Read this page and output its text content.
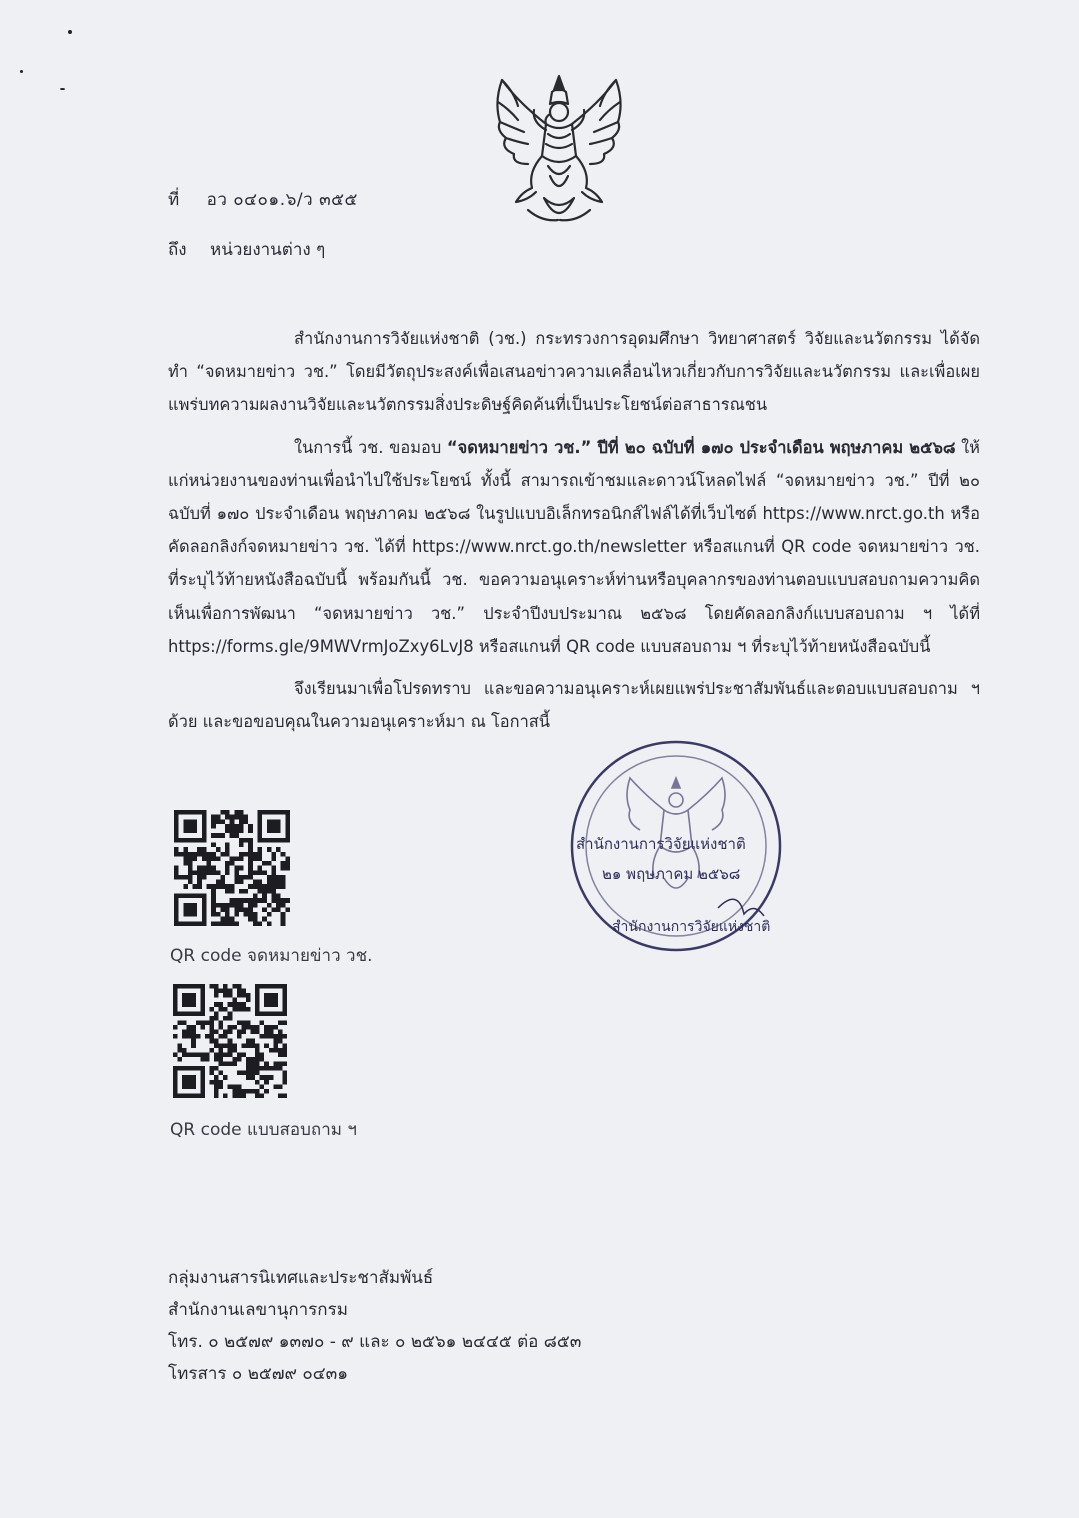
ที่ อว ๐๔๐๑.๖/ว ๓๕๕
ถึง หน่วยงานต่าง ๆ

สำนักงานการวิจัยแห่งชาติ (วช.) กระทรวงการอุดมศึกษา วิทยาศาสตร์ วิจัยและนวัตกรรม ได้จัดทำ “จดหมายข่าว วช.” โดยมีวัตถุประสงค์เพื่อเสนอข่าวความเคลื่อนไหวเกี่ยวกับการวิจัยและนวัตกรรม และเพื่อเผยแพร่บทความผลงานวิจัยและนวัตกรรมสิ่งประดิษฐ์คิดค้นที่เป็นประโยชน์ต่อสาธารณชน

ในการนี้ วช. ขอมอบ “จดหมายข่าว วช.” ปีที่ ๒๐ ฉบับที่ ๑๗๐ ประจำเดือน พฤษภาคม ๒๕๖๘ ให้แก่หน่วยงานของท่านเพื่อนำไปใช้ประโยชน์ ทั้งนี้ สามารถเข้าชมและดาวน์โหลดไฟล์ “จดหมายข่าว วช.” ปีที่ ๒๐ ฉบับที่ ๑๗๐ ประจำเดือน พฤษภาคม ๒๕๖๘ ในรูปแบบอิเล็กทรอนิกส์ไฟล์ได้ที่เว็บไซต์ https://www.nrct.go.th หรือคัดลอกลิงก์จดหมายข่าว วช. ได้ที่ https://www.nrct.go.th/newsletter หรือสแกนที่ QR code จดหมายข่าว วช. ที่ระบุไว้ท้ายหนังสือฉบับนี้ พร้อมกันนี้ วช. ขอความอนุเคราะห์ท่านหรือบุคลากรของท่านตอบแบบสอบถามความคิดเห็นเพื่อการพัฒนา “จดหมายข่าว วช.” ประจำปีงบประมาณ ๒๕๖๘ โดยคัดลอกลิงก์แบบสอบถาม ฯ ได้ที่ https://forms.gle/9MWVrmJoZxy6LvJ8 หรือสแกนที่ QR code แบบสอบถาม ฯ ที่ระบุไว้ท้ายหนังสือฉบับนี้

จึงเรียนมาเพื่อโปรดทราบ และขอความอนุเคราะห์เผยแพร่ประชาสัมพันธ์และตอบแบบสอบถาม ฯ ด้วย และขอขอบคุณในความอนุเคราะห์มา ณ โอกาสนี้

สำนักงานการวิจัยแห่งชาติ
๒๑ พฤษภาคม ๒๕๖๘
สำนักงานการวิจัยแห่งชาติ
QR code จดหมายข่าว วช.
QR code แบบสอบถาม ฯ
กลุ่มงานสารนิเทศและประชาสัมพันธ์
สำนักงานเลขานุการกรม
โทร. ๐ ๒๕๗๙ ๑๓๗๐ - ๙ และ ๐ ๒๕๖๑ ๒๔๔๕ ต่อ ๘๕๓
โทรสาร ๐ ๒๕๗๙ ๐๔๓๑
